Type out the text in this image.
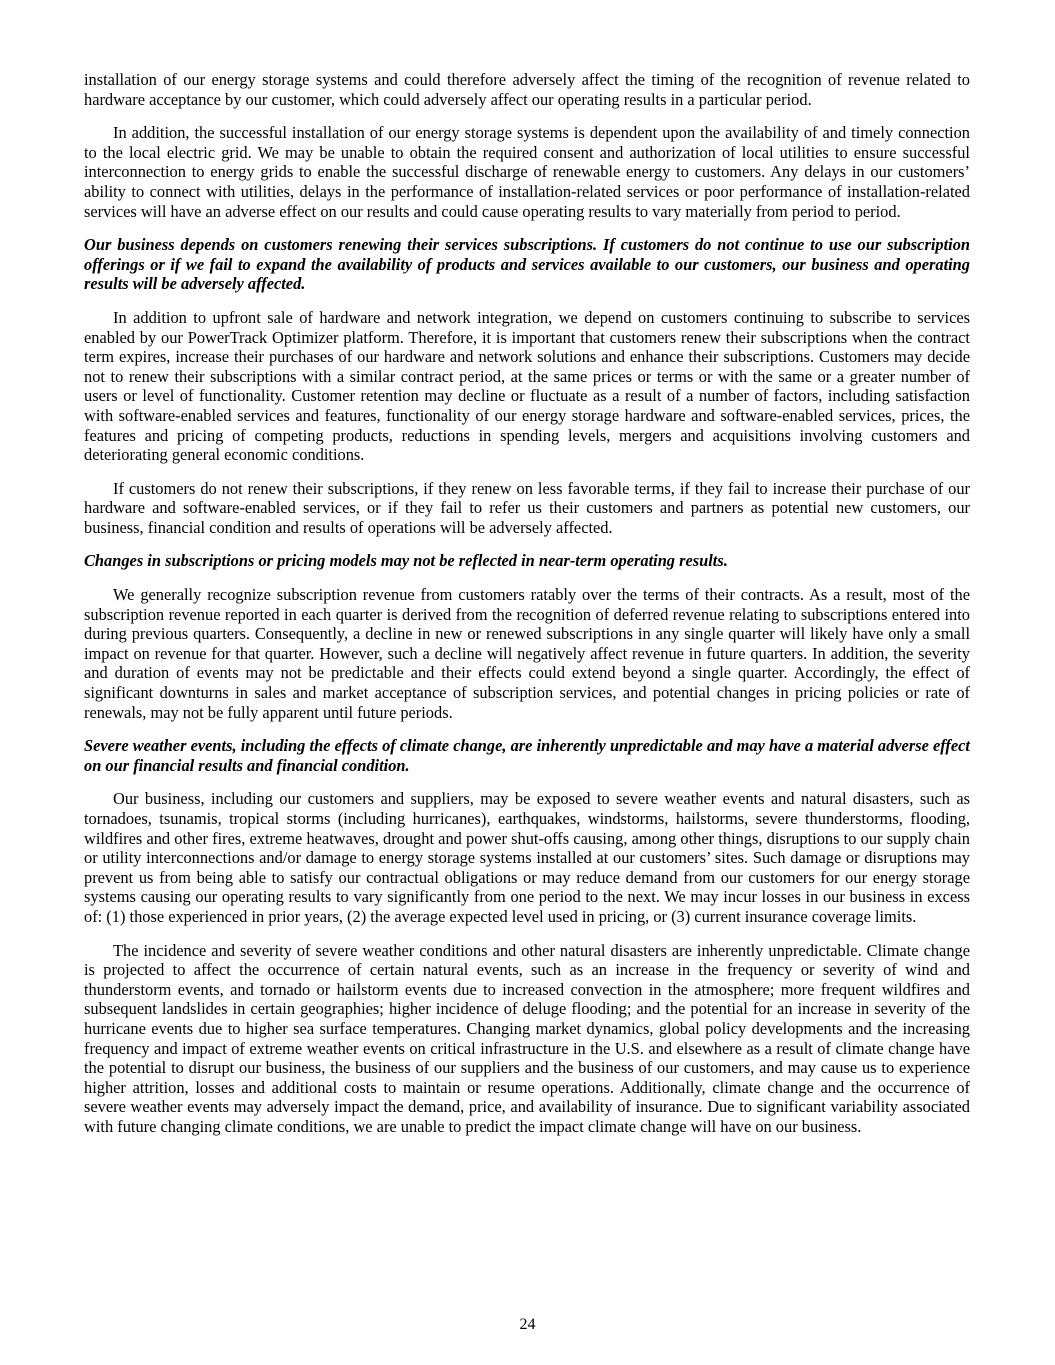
installation of our energy storage systems and could therefore adversely affect the timing of the recognition of revenue related to hardware acceptance by our customer, which could adversely affect our operating results in a particular period.

In addition, the successful installation of our energy storage systems is dependent upon the availability of and timely connection to the local electric grid. We may be unable to obtain the required consent and authorization of local utilities to ensure successful interconnection to energy grids to enable the successful discharge of renewable energy to customers. Any delays in our customers’ ability to connect with utilities, delays in the performance of installation-related services or poor performance of installation-related services will have an adverse effect on our results and could cause operating results to vary materially from period to period.

Our business depends on customers renewing their services subscriptions. If customers do not continue to use our subscription offerings or if we fail to expand the availability of products and services available to our customers, our business and operating results will be adversely affected.

In addition to upfront sale of hardware and network integration, we depend on customers continuing to subscribe to services enabled by our PowerTrack Optimizer platform. Therefore, it is important that customers renew their subscriptions when the contract term expires, increase their purchases of our hardware and network solutions and enhance their subscriptions. Customers may decide not to renew their subscriptions with a similar contract period, at the same prices or terms or with the same or a greater number of users or level of functionality. Customer retention may decline or fluctuate as a result of a number of factors, including satisfaction with software-enabled services and features, functionality of our energy storage hardware and software-enabled services, prices, the features and pricing of competing products, reductions in spending levels, mergers and acquisitions involving customers and deteriorating general economic conditions.

If customers do not renew their subscriptions, if they renew on less favorable terms, if they fail to increase their purchase of our hardware and software-enabled services, or if they fail to refer us their customers and partners as potential new customers, our business, financial condition and results of operations will be adversely affected.

Changes in subscriptions or pricing models may not be reflected in near-term operating results.

We generally recognize subscription revenue from customers ratably over the terms of their contracts. As a result, most of the subscription revenue reported in each quarter is derived from the recognition of deferred revenue relating to subscriptions entered into during previous quarters. Consequently, a decline in new or renewed subscriptions in any single quarter will likely have only a small impact on revenue for that quarter. However, such a decline will negatively affect revenue in future quarters. In addition, the severity and duration of events may not be predictable and their effects could extend beyond a single quarter. Accordingly, the effect of significant downturns in sales and market acceptance of subscription services, and potential changes in pricing policies or rate of renewals, may not be fully apparent until future periods.

Severe weather events, including the effects of climate change, are inherently unpredictable and may have a material adverse effect on our financial results and financial condition.

Our business, including our customers and suppliers, may be exposed to severe weather events and natural disasters, such as tornadoes, tsunamis, tropical storms (including hurricanes), earthquakes, windstorms, hailstorms, severe thunderstorms, flooding, wildfires and other fires, extreme heatwaves, drought and power shut-offs causing, among other things, disruptions to our supply chain or utility interconnections and/or damage to energy storage systems installed at our customers’ sites. Such damage or disruptions may prevent us from being able to satisfy our contractual obligations or may reduce demand from our customers for our energy storage systems causing our operating results to vary significantly from one period to the next. We may incur losses in our business in excess of: (1) those experienced in prior years, (2) the average expected level used in pricing, or (3) current insurance coverage limits.

The incidence and severity of severe weather conditions and other natural disasters are inherently unpredictable. Climate change is projected to affect the occurrence of certain natural events, such as an increase in the frequency or severity of wind and thunderstorm events, and tornado or hailstorm events due to increased convection in the atmosphere; more frequent wildfires and subsequent landslides in certain geographies; higher incidence of deluge flooding; and the potential for an increase in severity of the hurricane events due to higher sea surface temperatures. Changing market dynamics, global policy developments and the increasing frequency and impact of extreme weather events on critical infrastructure in the U.S. and elsewhere as a result of climate change have the potential to disrupt our business, the business of our suppliers and the business of our customers, and may cause us to experience higher attrition, losses and additional costs to maintain or resume operations. Additionally, climate change and the occurrence of severe weather events may adversely impact the demand, price, and availability of insurance. Due to significant variability associated with future changing climate conditions, we are unable to predict the impact climate change will have on our business.

24
